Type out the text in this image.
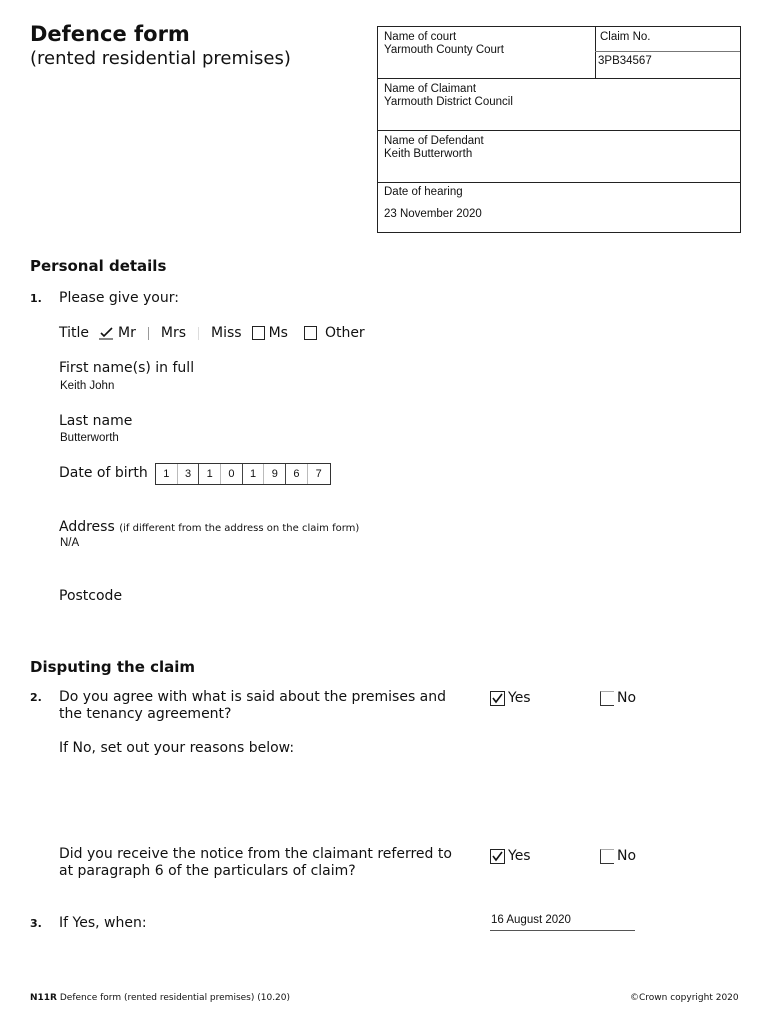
Defence form
(rented residential premises)
Name of court
Yarmouth County Court
Claim No.
3PB34567
Name of Claimant
Yarmouth District Council
Name of Defendant
Keith Butterworth
Date of hearing
23 November 2020
Personal details
1. Please give your:
Title Mr Mrs Miss Ms	Other
First name(s) in full
Keith John
Last name
Butterworth
Date of birth	1	3	1	0	1	9	6	7
Address (if different from the address on the claim form)
N/A
Postcode
Disputing the claim
2. Do you agree with what is said about the premises and
the tenancy agreement?
Yes	No
If No, set out your reasons below:
Did you receive the notice from the claimant referred to
at paragraph 6 of the particulars of claim?
Yes	No
3. If Yes, when:	16 August 2020
N11R Defence form (rented residential premises) (10.20)	©Crown copyright 2020
